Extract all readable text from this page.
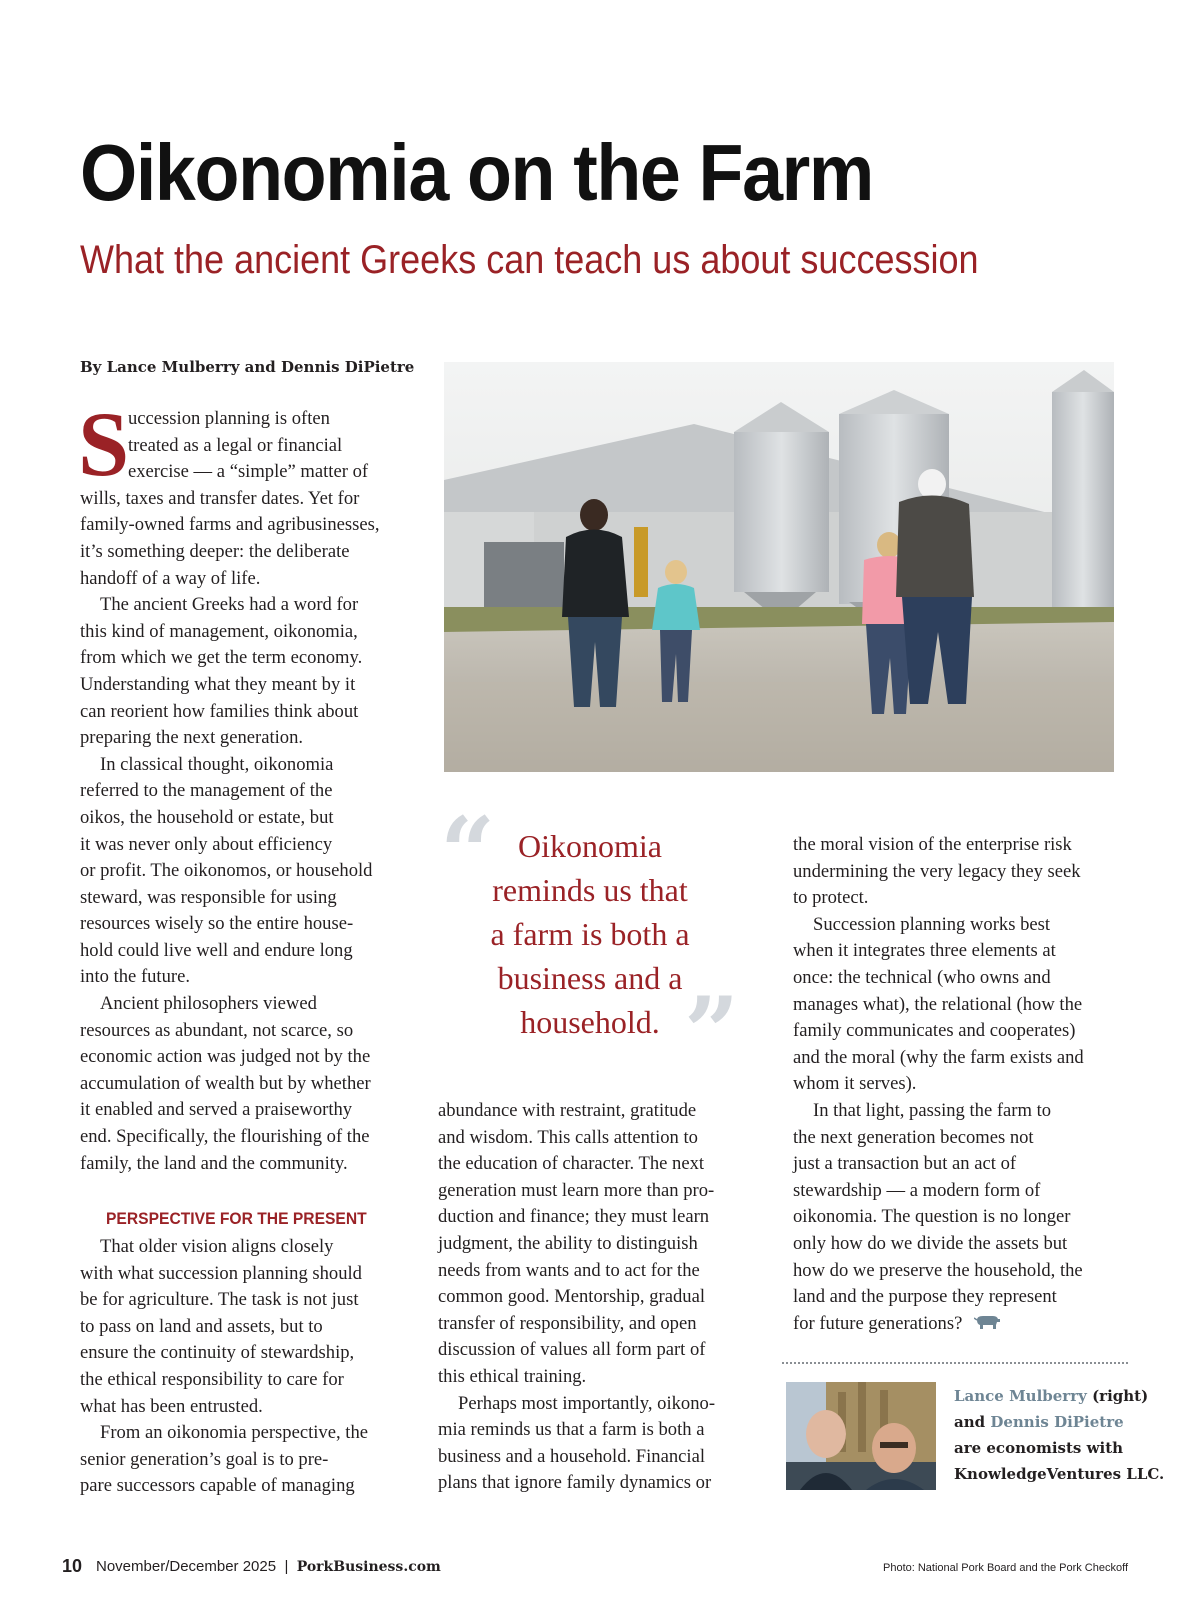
Oikonomia on the Farm
What the ancient Greeks can teach us about succession
By Lance Mulberry and Dennis DiPietre
S
uccession planning is often
treated as a legal or financial
exercise — a “simple” matter of
wills, taxes and transfer dates. Yet for
family-owned farms and agribusinesses,
it’s something deeper: the deliberate
handoff of a way of life.
The ancient Greeks had a word for
this kind of management, oikonomia,
from which we get the term economy.
Understanding what they meant by it
can reorient how families think about
preparing the next generation.
In classical thought, oikonomia
referred to the management of the
oikos, the household or estate, but
it was never only about efficiency
or profit. The oikonomos, or household
steward, was responsible for using
resources wisely so the entire house-
hold could live well and endure long
into the future.
Ancient philosophers viewed
resources as abundant, not scarce, so
economic action was judged not by the
accumulation of wealth but by whether
it enabled and served a praiseworthy
end. Specifically, the flourishing of the
family, the land and the community.
PERSPECTIVE FOR THE PRESENT
That older vision aligns closely
with what succession planning should
be for agriculture. The task is not just
to pass on land and assets, but to
ensure the continuity of stewardship,
the ethical responsibility to care for
what has been entrusted.
From an oikonomia perspective, the
senior generation’s goal is to pre-
pare successors capable of managing
“ Oikonomia
reminds us that
a farm is both a
business and a
household. ”
abundance with restraint, gratitude
and wisdom. This calls attention to
the education of character. The next
generation must learn more than pro-
duction and finance; they must learn
judgment, the ability to distinguish
needs from wants and to act for the
common good. Mentorship, gradual
transfer of responsibility, and open
discussion of values all form part of
this ethical training.
Perhaps most importantly, oikono-
mia reminds us that a farm is both a
business and a household. Financial
plans that ignore family dynamics or
the moral vision of the enterprise risk
undermining the very legacy they seek
to protect.
Succession planning works best
when it integrates three elements at
once: the technical (who owns and
manages what), the relational (how the
family communicates and cooperates)
and the moral (why the farm exists and
whom it serves).
In that light, passing the farm to
the next generation becomes not
just a transaction but an act of
stewardship — a modern form of
oikonomia. The question is no longer
only how do we divide the assets but
how do we preserve the household, the
land and the purpose they represent
for future generations?
Lance Mulberry (right)
and Dennis DiPietre
are economists with
KnowledgeVentures LLC.
10 November/December 2025 | PorkBusiness.com	Photo: National Pork Board and the Pork Checkoff
